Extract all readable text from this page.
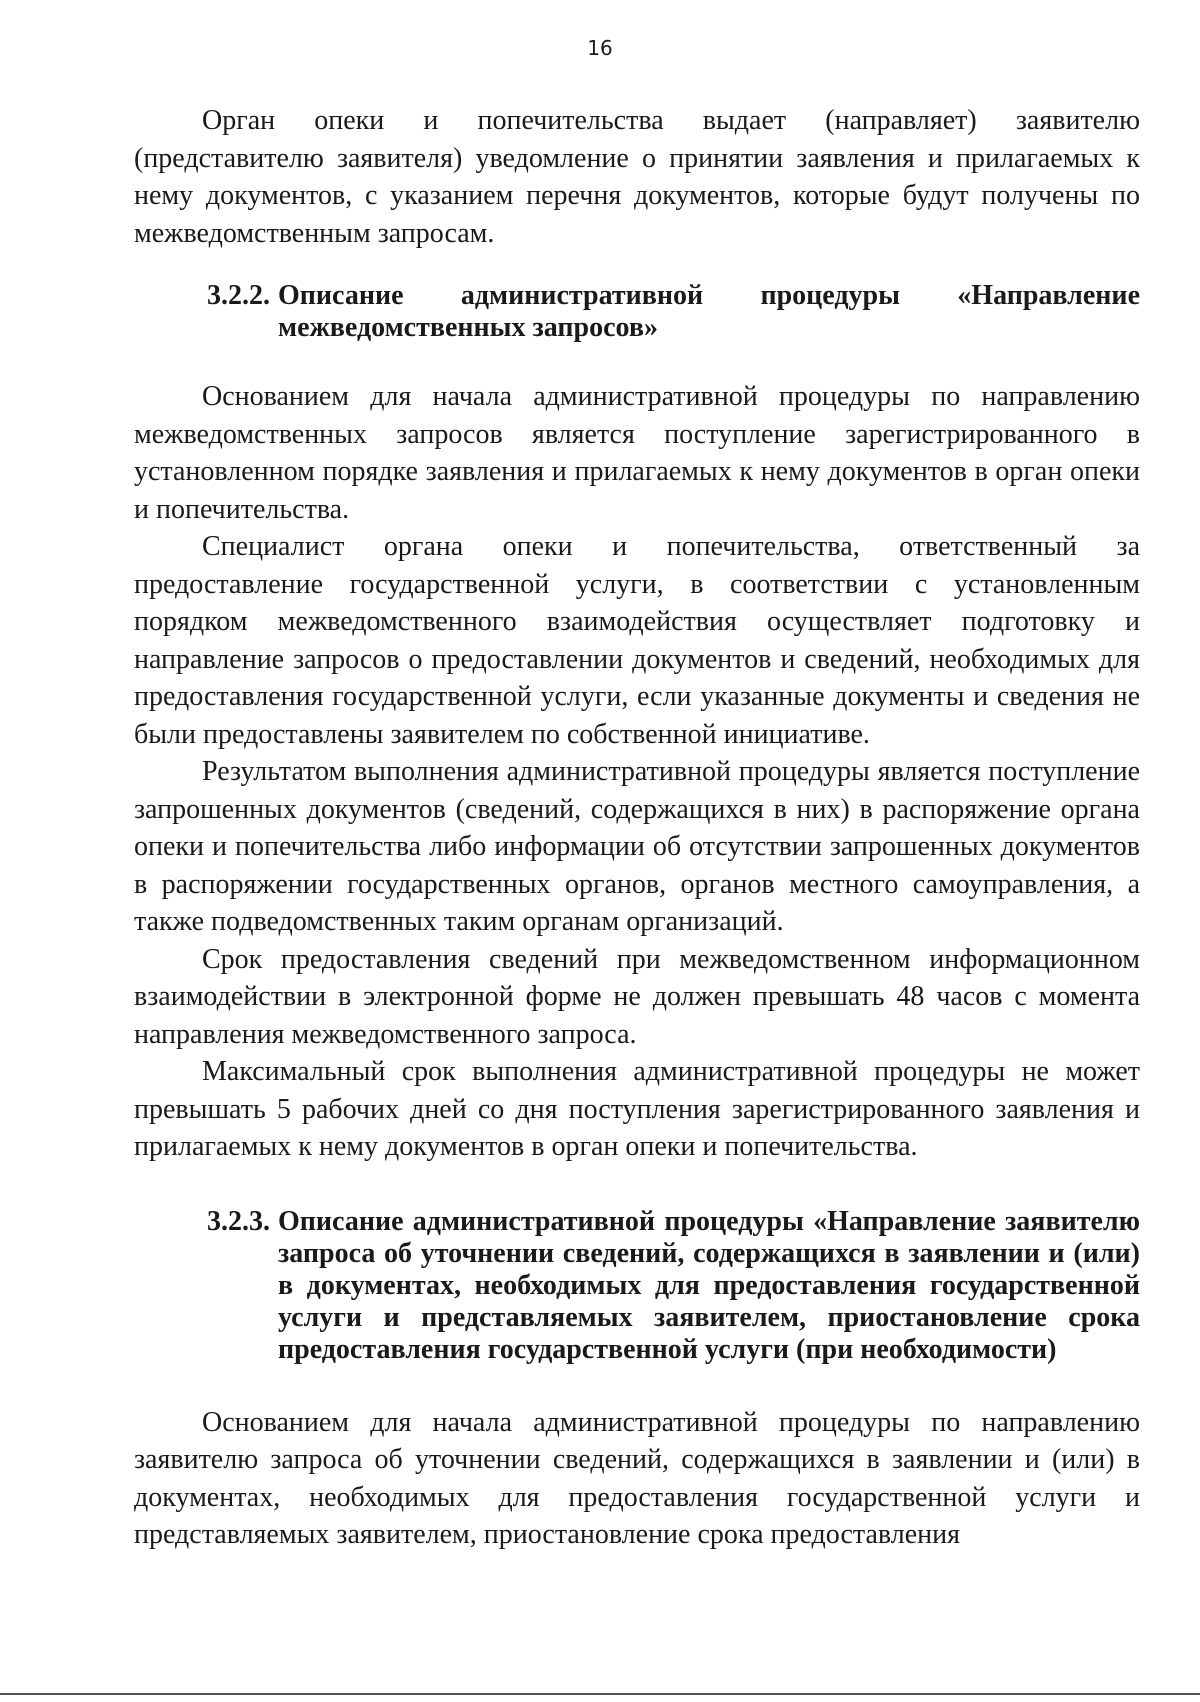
16

Орган опеки и попечительства выдает (направляет) заявителю (представителю заявителя) уведомление о принятии заявления и прилагаемых к нему документов, с указанием перечня документов, которые будут получены по межведомственным запросам.

3.2.2. Описание административной процедуры «Направление межведомственных запросов»

Основанием для начала административной процедуры по направлению межведомственных запросов является поступление зарегистрированного в установленном порядке заявления и прилагаемых к нему документов в орган опеки и попечительства.

Специалист органа опеки и попечительства, ответственный за предоставление государственной услуги, в соответствии с установленным порядком межведомственного взаимодействия осуществляет подготовку и направление запросов о предоставлении документов и сведений, необходимых для предоставления государственной услуги, если указанные документы и сведения не были предоставлены заявителем по собственной инициативе.

Результатом выполнения административной процедуры является поступление запрошенных документов (сведений, содержащихся в них) в распоряжение органа опеки и попечительства либо информации об отсутствии запрошенных документов в распоряжении государственных органов, органов местного самоуправления, а также подведомственных таким органам организаций.

Срок предоставления сведений при межведомственном информационном взаимодействии в электронной форме не должен превышать 48 часов с момента направления межведомственного запроса.

Максимальный срок выполнения административной процедуры не может превышать 5 рабочих дней со дня поступления зарегистрированного заявления и прилагаемых к нему документов в орган опеки и попечительства.

3.2.3. Описание административной процедуры «Направление заявителю запроса об уточнении сведений, содержащихся в заявлении и (или) в документах, необходимых для предоставления государственной услуги и представляемых заявителем, приостановление срока предоставления государственной услуги (при необходимости)

Основанием для начала административной процедуры по направлению заявителю запроса об уточнении сведений, содержащихся в заявлении и (или) в документах, необходимых для предоставления государственной услуги и представляемых заявителем, приостановление срока предоставления
